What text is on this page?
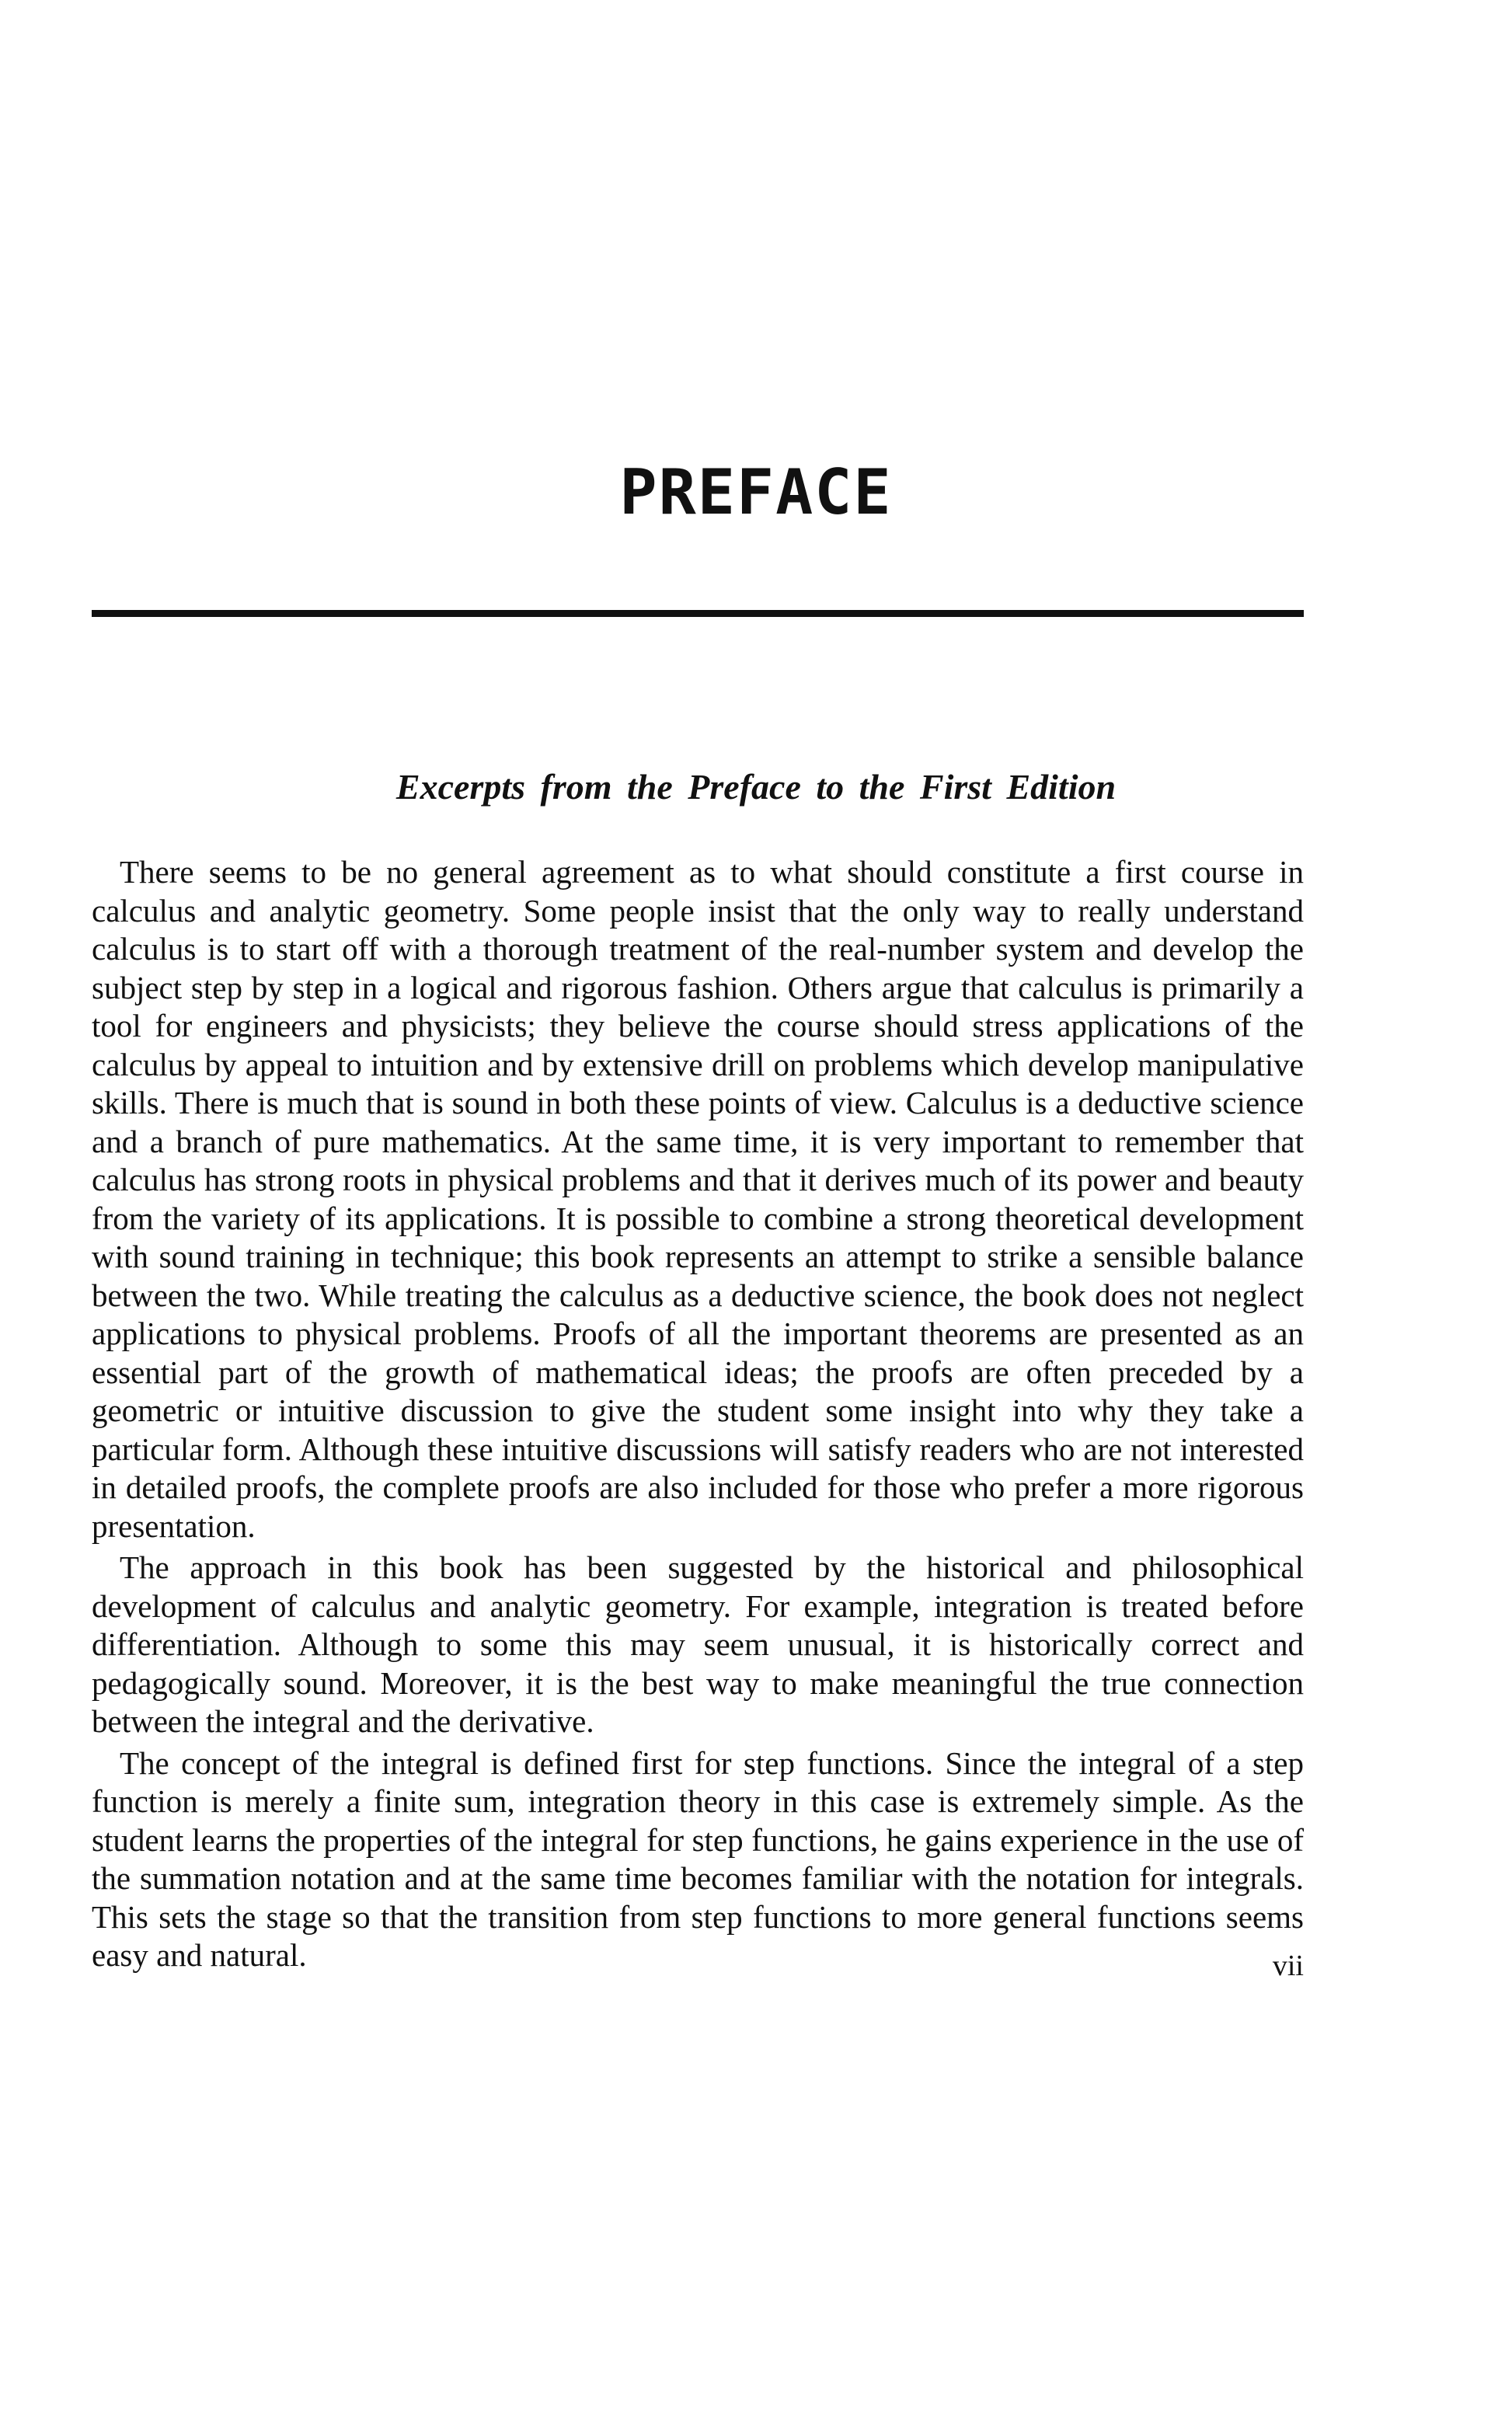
PREFACE
Excerpts from the Preface to the First Edition

There seems to be no general agreement as to what should constitute a first course in calculus and analytic geometry. Some people insist that the only way to really understand calculus is to start off with a thorough treatment of the real-number system and develop the subject step by step in a logical and rigorous fashion. Others argue that calculus is primarily a tool for engineers and physicists; they believe the course should stress applications of the calculus by appeal to intuition and by extensive drill on problems which develop manipulative skills. There is much that is sound in both these points of view. Calculus is a deductive science and a branch of pure mathematics. At the same time, it is very important to remember that calculus has strong roots in physical problems and that it derives much of its power and beauty from the variety of its applications. It is possible to combine a strong theoretical development with sound training in technique; this book represents an attempt to strike a sensible balance between the two. While treating the calculus as a deductive science, the book does not neglect applications to physical problems. Proofs of all the important theorems are presented as an essential part of the growth of mathematical ideas; the proofs are often preceded by a geometric or intuitive discussion to give the student some insight into why they take a particular form. Although these intuitive discussions will satisfy readers who are not interested in detailed proofs, the complete proofs are also included for those who prefer a more rigorous presentation.

The approach in this book has been suggested by the historical and philosophical development of calculus and analytic geometry. For example, integration is treated before differentiation. Although to some this may seem unusual, it is historically correct and pedagogically sound. Moreover, it is the best way to make meaningful the true connection between the integral and the derivative.

The concept of the integral is defined first for step functions. Since the integral of a step function is merely a finite sum, integration theory in this case is extremely simple. As the student learns the properties of the integral for step functions, he gains experience in the use of the summation notation and at the same time becomes familiar with the notation for integrals. This sets the stage so that the transition from step functions to more general functions seems easy and natural.	vii
